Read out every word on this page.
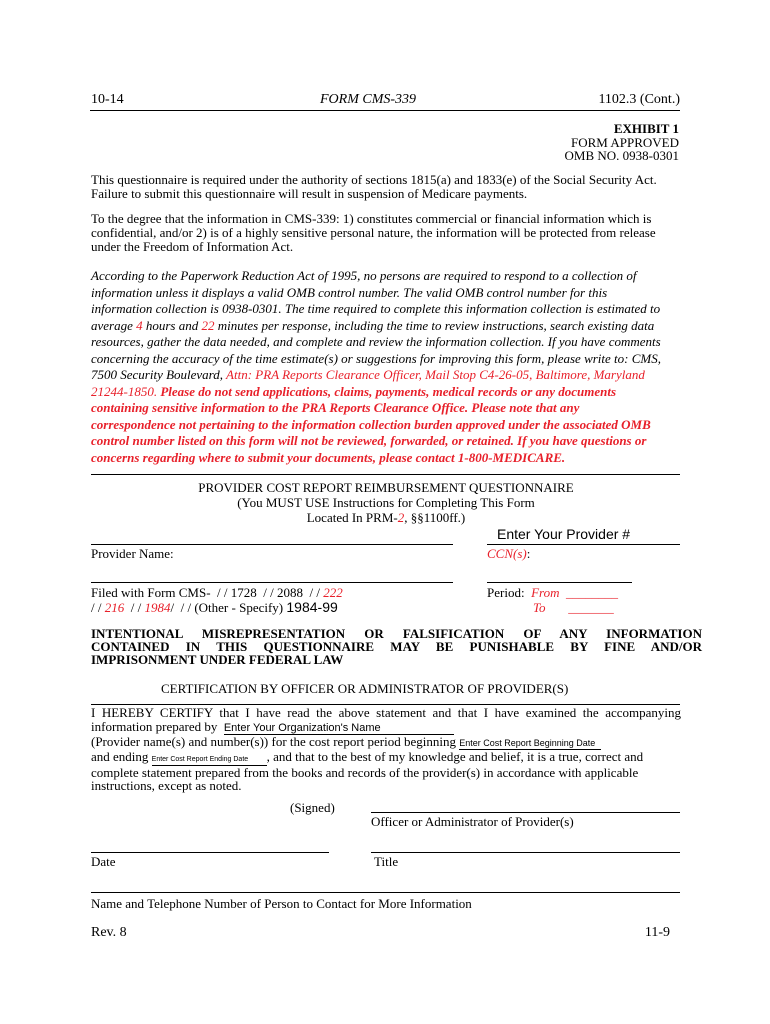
10-14	FORM CMS-339	1102.3 (Cont.)
EXHIBIT 1
FORM APPROVED
OMB NO. 0938-0301
This questionnaire is required under the authority of sections 1815(a) and 1833(e) of the Social Security Act.
Failure to submit this questionnaire will result in suspension of Medicare payments.
To the degree that the information in CMS-339: 1) constitutes commercial or financial information which is
confidential, and/or 2) is of a highly sensitive personal nature, the information will be protected from release
under the Freedom of Information Act.
According to the Paperwork Reduction Act of 1995, no persons are required to respond to a collection of
information unless it displays a valid OMB control number. The valid OMB control number for this
information collection is 0938-0301. The time required to complete this information collection is estimated to
average 4 hours and 22 minutes per response, including the time to review instructions, search existing data
resources, gather the data needed, and complete and review the information collection. If you have comments
concerning the accuracy of the time estimate(s) or suggestions for improving this form, please write to: CMS,
7500 Security Boulevard, Attn: PRA Reports Clearance Officer, Mail Stop C4-26-05, Baltimore, Maryland
21244-1850. Please do not send applications, claims, payments, medical records or any documents
containing sensitive information to the PRA Reports Clearance Office. Please note that any
correspondence not pertaining to the information collection burden approved under the associated OMB
control number listed on this form will not be reviewed, forwarded, or retained. If you have questions or
concerns regarding where to submit your documents, please contact 1-800-MEDICARE.
PROVIDER COST REPORT REIMBURSEMENT QUESTIONNAIRE
(You MUST USE Instructions for Completing This Form
Located In PRM-2, §§1100ff.)
Provider Name:
Enter Your Provider #
CCN(s):
Filed with Form CMS- / / 1728 / / 2088 / / 222
/ / 216 / / 1984/ / / (Other - Specify) 1984-99
Period: From ________
To _______
INTENTIONAL MISREPRESENTATION OR FALSIFICATION OF ANY INFORMATION
CONTAINED IN THIS QUESTIONNAIRE MAY BE PUNISHABLE BY FINE AND/OR
IMPRISONMENT UNDER FEDERAL LAW
CERTIFICATION BY OFFICER OR ADMINISTRATOR OF PROVIDER(S)
I HEREBY CERTIFY that I have read the above statement and that I have examined the accompanying
information prepared by Enter Your Organization's Name
(Provider name(s) and number(s)) for the cost report period beginning Enter Cost Report Beginning Date
and ending Enter Cost Report Ending Date , and that to the best of my knowledge and belief, it is a true, correct and
complete statement prepared from the books and records of the provider(s) in accordance with applicable
instructions, except as noted.
(Signed)
Officer or Administrator of Provider(s)
Date	Title
Name and Telephone Number of Person to Contact for More Information
Rev. 8	11-9
